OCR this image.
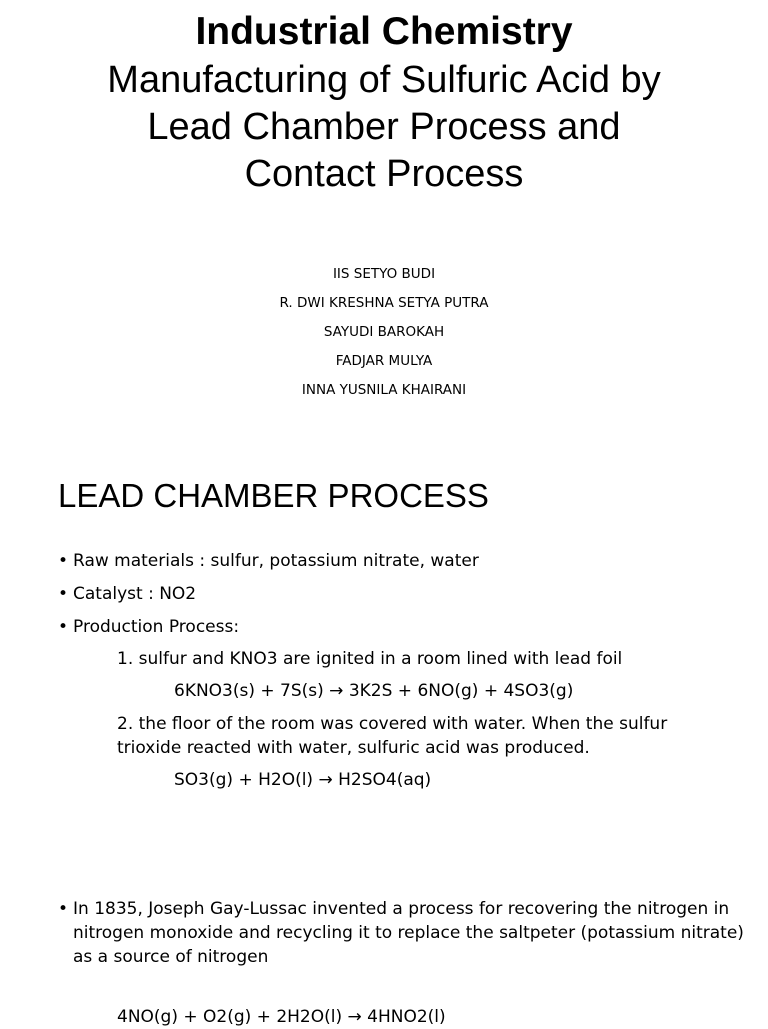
Industrial Chemistry
Manufacturing of Sulfuric Acid by Lead Chamber Process and Contact Process
IIS SETYO BUDI
R. DWI KRESHNA SETYA PUTRA
SAYUDI BAROKAH
FADJAR MULYA
INNA YUSNILA KHAIRANI
LEAD CHAMBER PROCESS
• Raw materials : sulfur, potassium nitrate, water
• Catalyst : NO2
• Production Process:
1. sulfur and KNO3 are ignited in a room lined with lead foil
6KNO3(s) + 7S(s) → 3K2S + 6NO(g) + 4SO3(g)
2. the floor of the room was covered with water. When the sulfur trioxide reacted with water, sulfuric acid was produced.
SO3(g) + H2O(l) → H2SO4(aq)
• In 1835, Joseph Gay-Lussac invented a process for recovering the nitrogen in nitrogen monoxide and recycling it to replace the saltpeter (potassium nitrate) as a source of nitrogen
4NO(g) + O2(g) + 2H2O(l) → 4HNO2(l)
